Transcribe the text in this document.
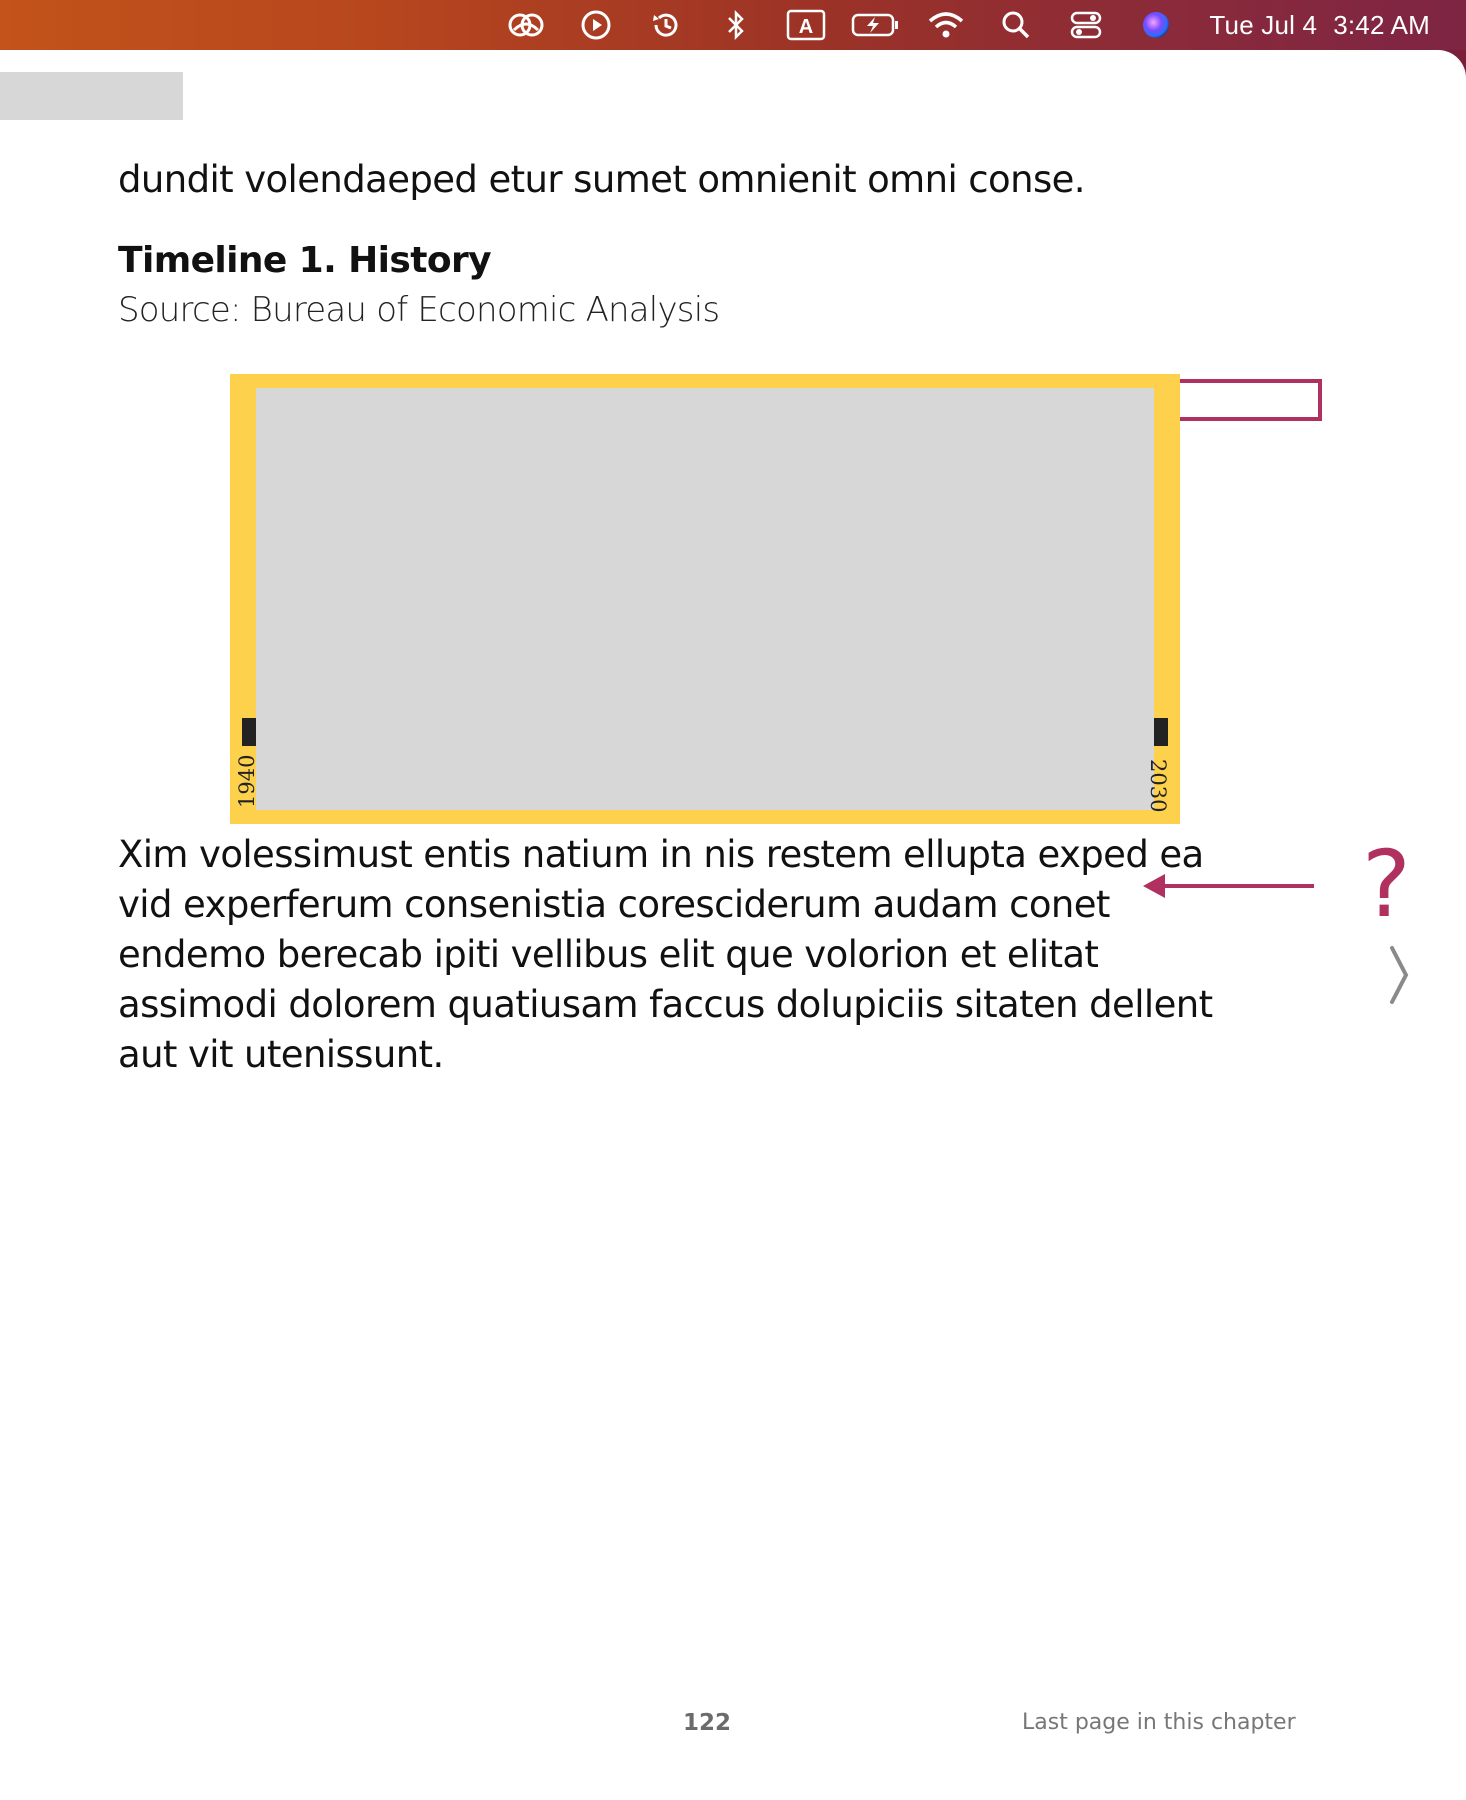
A	Tue Jul 4 3:42 AM

dundit volendaeped etur sumet omnienit omni conse.

Timeline 1. History
Source: Bureau of Economic Analysis
1940	2030
?

Xim volessimust entis natium in nis restem ellupta exped ea vid experferum consenistia coresciderum audam conet endemo berecab ipiti vellibus elit que volorion et elitat assimodi dolorem quatiusam faccus dolupiciis sitaten dellent aut vit utenissunt.

122	Last page in this chapter
